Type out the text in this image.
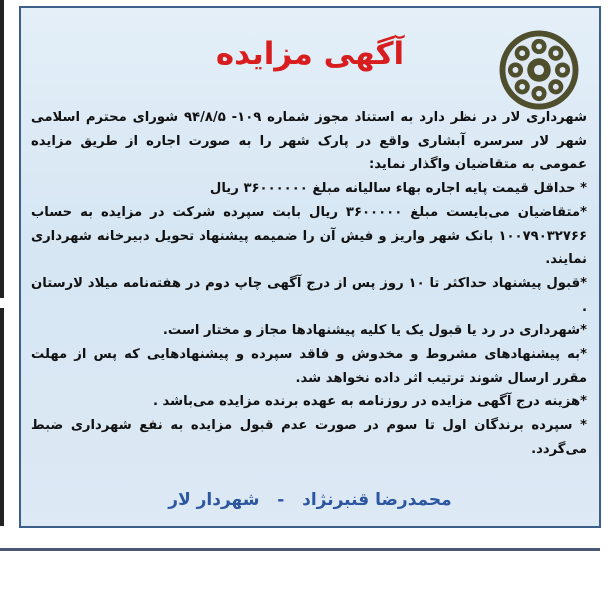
آگهی مزایده

شهرداری لار در نظر دارد به استناد مجوز شماره ۱۰۹- ۹۴/۸/۵ شورای محترم اسلامی شهر لار سرسره آبشاری واقع در پارک شهر را به صورت اجاره از طریق مزایده عمومی به متقاضیان واگذار نماید:

* حداقل قیمت پایه اجاره بهاء سالیانه مبلغ ۳۶۰۰۰۰۰۰ ریال

*متقاضیان می‌بایست مبلغ ۳۶۰۰۰۰۰ ریال بابت سپرده شرکت در مزایده به حساب ۱۰۰۷۹۰۳۲۷۶۶ بانک شهر واریز و فیش آن را ضمیمه پیشنهاد تحویل دبیرخانه شهرداری نمایند.

*قبول پیشنهاد حداکثر تا ۱۰ روز پس از درج آگهی چاپ دوم در هفته‌نامه میلاد لارستان .

*شهرداری در رد یا قبول یک یا کلیه پیشنهادها مجاز و مختار است.

*به پیشنهادهای مشروط و مخدوش و فاقد سپرده و پیشنهادهایی که پس از مهلت مقرر ارسال شوند ترتیب اثر داده نخواهد شد.

*هزینه درج آگهی مزایده در روزنامه به عهده برنده مزایده می‌باشد .

* سپرده برندگان اول تا سوم در صورت عدم قبول مزایده به نفع شهرداری ضبط می‌گردد.

محمدرضا قنبرنژاد   -   شهردار لار
